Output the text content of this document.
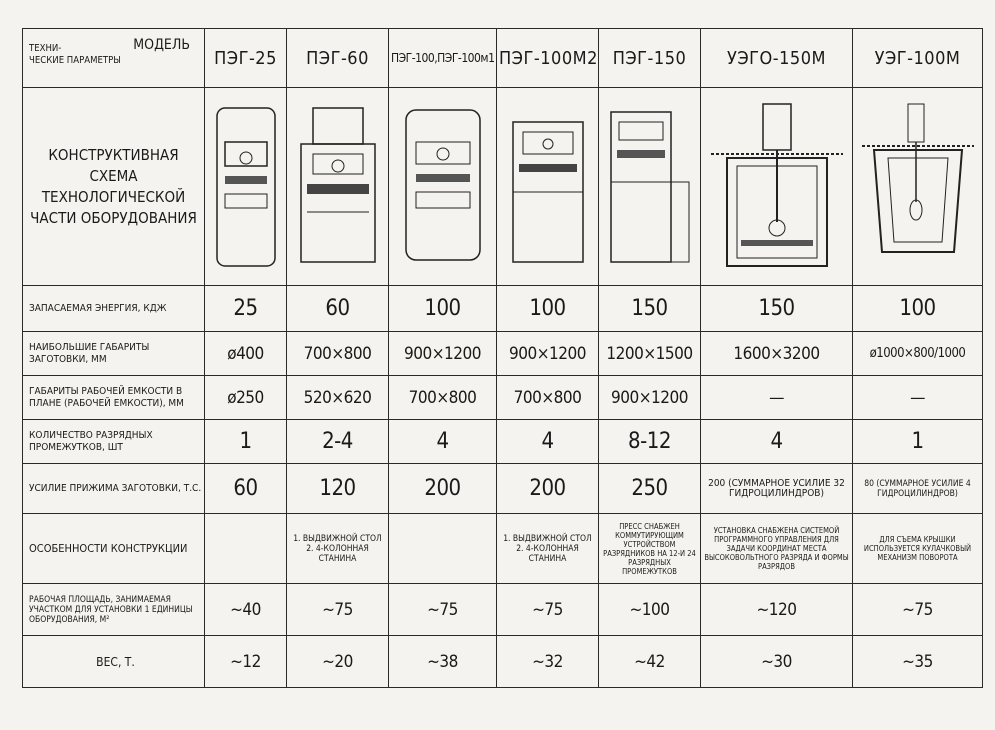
ТЕХНИ-
ЧЕСКИЕ ПАРАМЕТРЫ
МОДЕЛЬ	ПЭГ-25	ПЭГ-60	ПЭГ-100,ПЭГ-100м1	ПЭГ-100М2	ПЭГ-150	УЭГО-150М	УЭГ-100М

КОНСТРУКТИВНАЯ СХЕМА ТЕХНОЛОГИЧЕСКОЙ ЧАСТИ ОБОРУДОВАНИЯ

ЗАПАСАЕМАЯ ЭНЕРГИЯ, КДЖ	25	60	100	100	150	150	100
НАИБОЛЬШИЕ ГАБАРИТЫ ЗАГОТОВКИ, ММ	ø400	700×800	900×1200	900×1200	1200×1500	1600×3200	ø1000×800/1000
ГАБАРИТЫ РАБОЧЕЙ ЕМКОСТИ В ПЛАНЕ (РАБОЧЕЙ ЕМКОСТИ), ММ	ø250	520×620	700×800	700×800	900×1200	—	—
КОЛИЧЕСТВО РАЗРЯДНЫХ ПРОМЕЖУТКОВ, ШТ	1	2-4	4	4	8-12	4	1
УСИЛИЕ ПРИЖИМА ЗАГОТОВКИ, Т.С.	60	120	200	200	250	200 (СУММАРНОЕ УСИЛИЕ 32 ГИДРОЦИЛИНДРОВ)	80 (СУММАРНОЕ УСИЛИЕ 4 ГИДРОЦИЛИНДРОВ)
ОСОБЕННОСТИ КОНСТРУКЦИИ		1. ВЫДВИЖНОЙ СТОЛ 2. 4-КОЛОННАЯ СТАНИНА		1. ВЫДВИЖНОЙ СТОЛ 2. 4-КОЛОННАЯ СТАНИНА	ПРЕСС СНАБЖЕН КОММУТИРУЮЩИМ УСТРОЙСТВОМ РАЗРЯДНИКОВ НА 12-И 24 РАЗРЯДНЫХ ПРОМЕЖУТКОВ	УСТАНОВКА СНАБЖЕНА СИСТЕМОЙ ПРОГРАММНОГО УПРАВЛЕНИЯ ДЛЯ ЗАДАЧИ КООРДИНАТ МЕСТА ВЫСОКОВОЛЬТНОГО РАЗРЯДА И ФОРМЫ РАЗРЯДОВ	ДЛЯ СЪЕМА КРЫШКИ ИСПОЛЬЗУЕТСЯ КУЛАЧКОВЫЙ МЕХАНИЗМ ПОВОРОТА
РАБОЧАЯ ПЛОЩАДЬ, ЗАНИМАЕМАЯ УЧАСТКОМ ДЛЯ УСТАНОВКИ 1 ЕДИНИЦЫ ОБОРУДОВАНИЯ, М²	~40	~75	~75	~75	~100	~120	~75
ВЕС, Т.	~12	~20	~38	~32	~42	~30	~35
